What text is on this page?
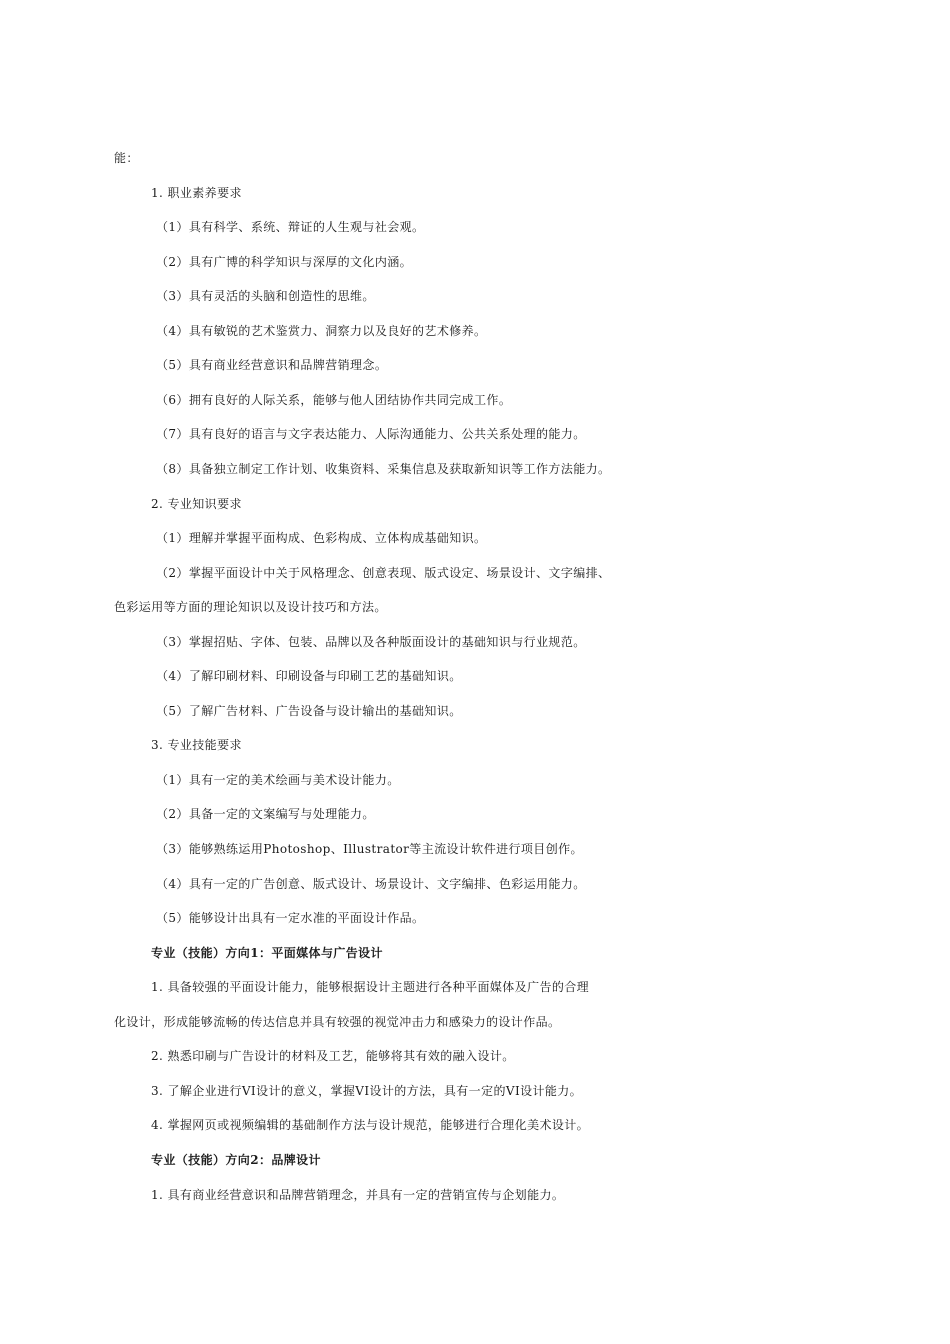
能：
1. 职业素养要求
（1）具有科学、系统、辩证的人生观与社会观。
（2）具有广博的科学知识与深厚的文化内涵。
（3）具有灵活的头脑和创造性的思维。
（4）具有敏锐的艺术鉴赏力、洞察力以及良好的艺术修养。
（5）具有商业经营意识和品牌营销理念。
（6）拥有良好的人际关系，能够与他人团结协作共同完成工作。
（7）具有良好的语言与文字表达能力、人际沟通能力、公共关系处理的能力。
（8）具备独立制定工作计划、收集资料、采集信息及获取新知识等工作方法能力。
2. 专业知识要求
（1）理解并掌握平面构成、色彩构成、立体构成基础知识。
（2）掌握平面设计中关于风格理念、创意表现、版式设定、场景设计、文字编排、
色彩运用等方面的理论知识以及设计技巧和方法。
（3）掌握招贴、字体、包装、品牌以及各种版面设计的基础知识与行业规范。
（4）了解印刷材料、印刷设备与印刷工艺的基础知识。
（5）了解广告材料、广告设备与设计输出的基础知识。
3. 专业技能要求
（1）具有一定的美术绘画与美术设计能力。
（2）具备一定的文案编写与处理能力。
（3）能够熟练运用Photoshop、Illustrator等主流设计软件进行项目创作。
（4）具有一定的广告创意、版式设计、场景设计、文字编排、色彩运用能力。
（5）能够设计出具有一定水准的平面设计作品。
专业（技能）方向1：平面媒体与广告设计
1. 具备较强的平面设计能力，能够根据设计主题进行各种平面媒体及广告的合理
化设计，形成能够流畅的传达信息并具有较强的视觉冲击力和感染力的设计作品。
2. 熟悉印刷与广告设计的材料及工艺，能够将其有效的融入设计。
3. 了解企业进行VI设计的意义，掌握VI设计的方法，具有一定的VI设计能力。
4. 掌握网页或视频编辑的基础制作方法与设计规范，能够进行合理化美术设计。
专业（技能）方向2：品牌设计
1. 具有商业经营意识和品牌营销理念，并具有一定的营销宣传与企划能力。
